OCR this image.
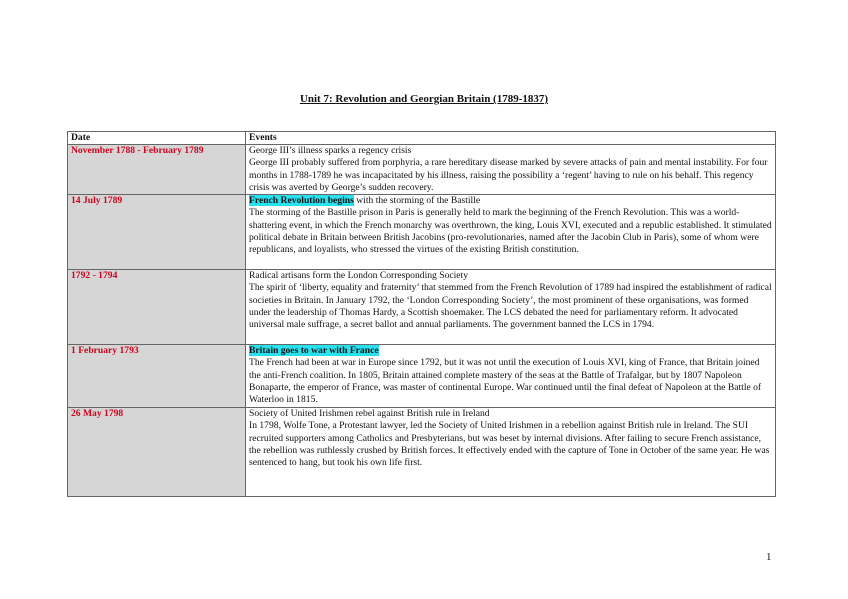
Unit 7: Revolution and Georgian Britain (1789-1837)
Date	Events
November 1788 - February 1789	George III’s illness sparks a regency crisis
George III probably suffered from porphyria, a rare hereditary disease marked by severe attacks of pain and mental instability. For four months in 1788-1789 he was incapacitated by his illness, raising the possibility a ‘regent’ having to rule on his behalf. This regency crisis was averted by George’s sudden recovery.

14 July 1789	French Revolution begins with the storming of the Bastille
The storming of the Bastille prison in Paris is generally held to mark the beginning of the French Revolution. This was a world-shattering event, in which the French monarchy was overthrown, the king, Louis XVI, executed and a republic established. It stimulated political debate in Britain between British Jacobins (pro-revolutionaries, named after the Jacobin Club in Paris), some of whom were republicans, and loyalists, who stressed the virtues of the existing British constitution.

1792 - 1794	Radical artisans form the London Corresponding Society
The spirit of ‘liberty, equality and fraternity’ that stemmed from the French Revolution of 1789 had inspired the establishment of radical societies in Britain. In January 1792, the ‘London Corresponding Society’, the most prominent of these organisations, was formed under the leadership of Thomas Hardy, a Scottish shoemaker. The LCS debated the need for parliamentary reform. It advocated universal male suffrage, a secret ballot and annual parliaments. The government banned the LCS in 1794.

1 February 1793	Britain goes to war with France
The French had been at war in Europe since 1792, but it was not until the execution of Louis XVI, king of France, that Britain joined the anti-French coalition. In 1805, Britain attained complete mastery of the seas at the Battle of Trafalgar, but by 1807 Napoleon Bonaparte, the emperor of France, was master of continental Europe. War continued until the final defeat of Napoleon at the Battle of Waterloo in 1815.

26 May 1798	Society of United Irishmen rebel against British rule in Ireland
In 1798, Wolfe Tone, a Protestant lawyer, led the Society of United Irishmen in a rebellion against British rule in Ireland. The SUI recruited supporters among Catholics and Presbyterians, but was beset by internal divisions. After failing to secure French assistance, the rebellion was ruthlessly crushed by British forces. It effectively ended with the capture of Tone in October of the same year. He was sentenced to hang, but took his own life first.
1
